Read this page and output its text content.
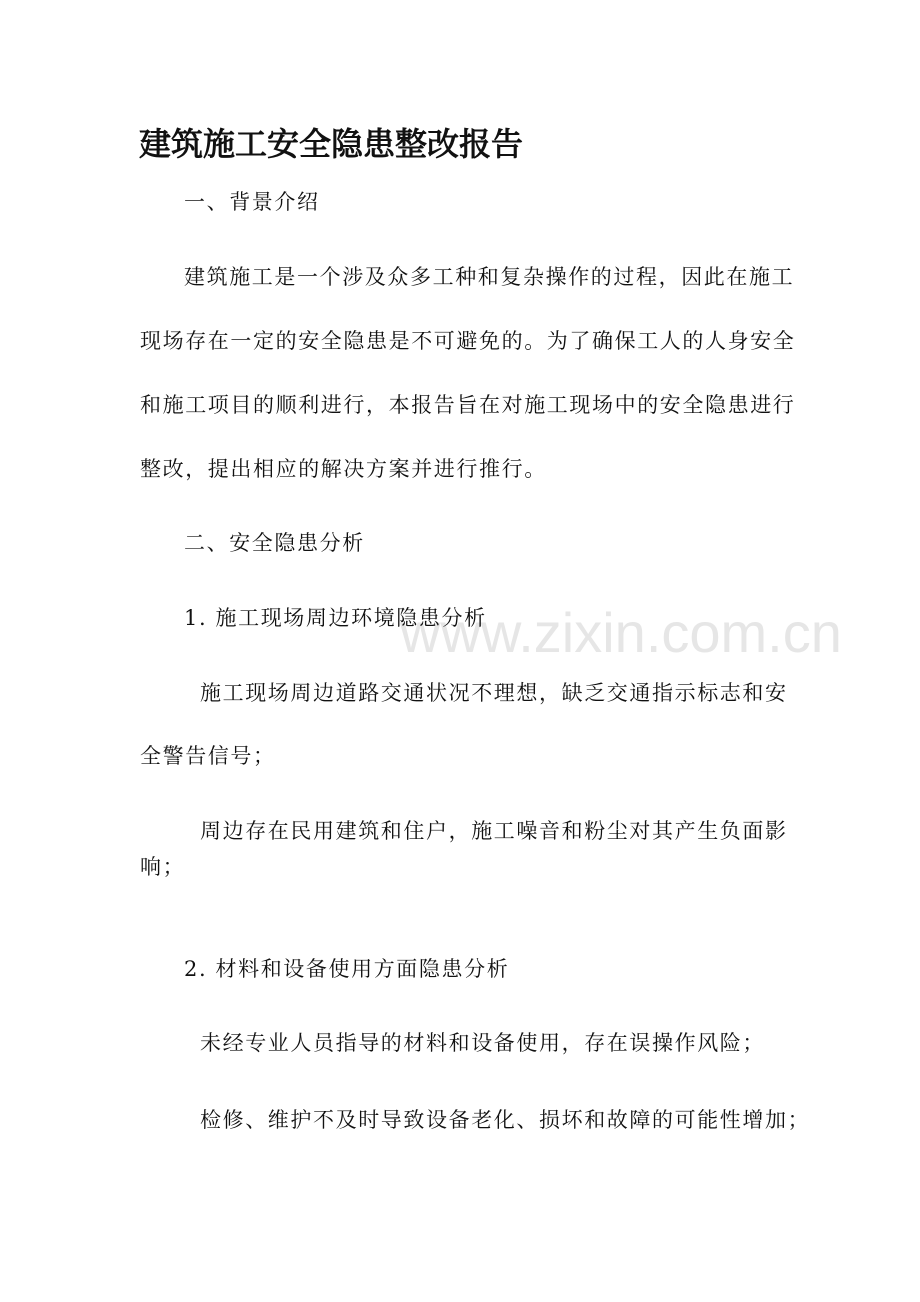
www.zixin.com.cn
建筑施工安全隐患整改报告
一、背景介绍
建筑施工是一个涉及众多工种和复杂操作的过程，因此在施工
现场存在一定的安全隐患是不可避免的。为了确保工人的人身安全
和施工项目的顺利进行，本报告旨在对施工现场中的安全隐患进行
整改，提出相应的解决方案并进行推行。
二、安全隐患分析
1. 施工现场周边环境隐患分析
施工现场周边道路交通状况不理想，缺乏交通指示标志和安
全警告信号；
周边存在民用建筑和住户，施工噪音和粉尘对其产生负面影
响；
2. 材料和设备使用方面隐患分析
未经专业人员指导的材料和设备使用，存在误操作风险；
检修、维护不及时导致设备老化、损坏和故障的可能性增加；
